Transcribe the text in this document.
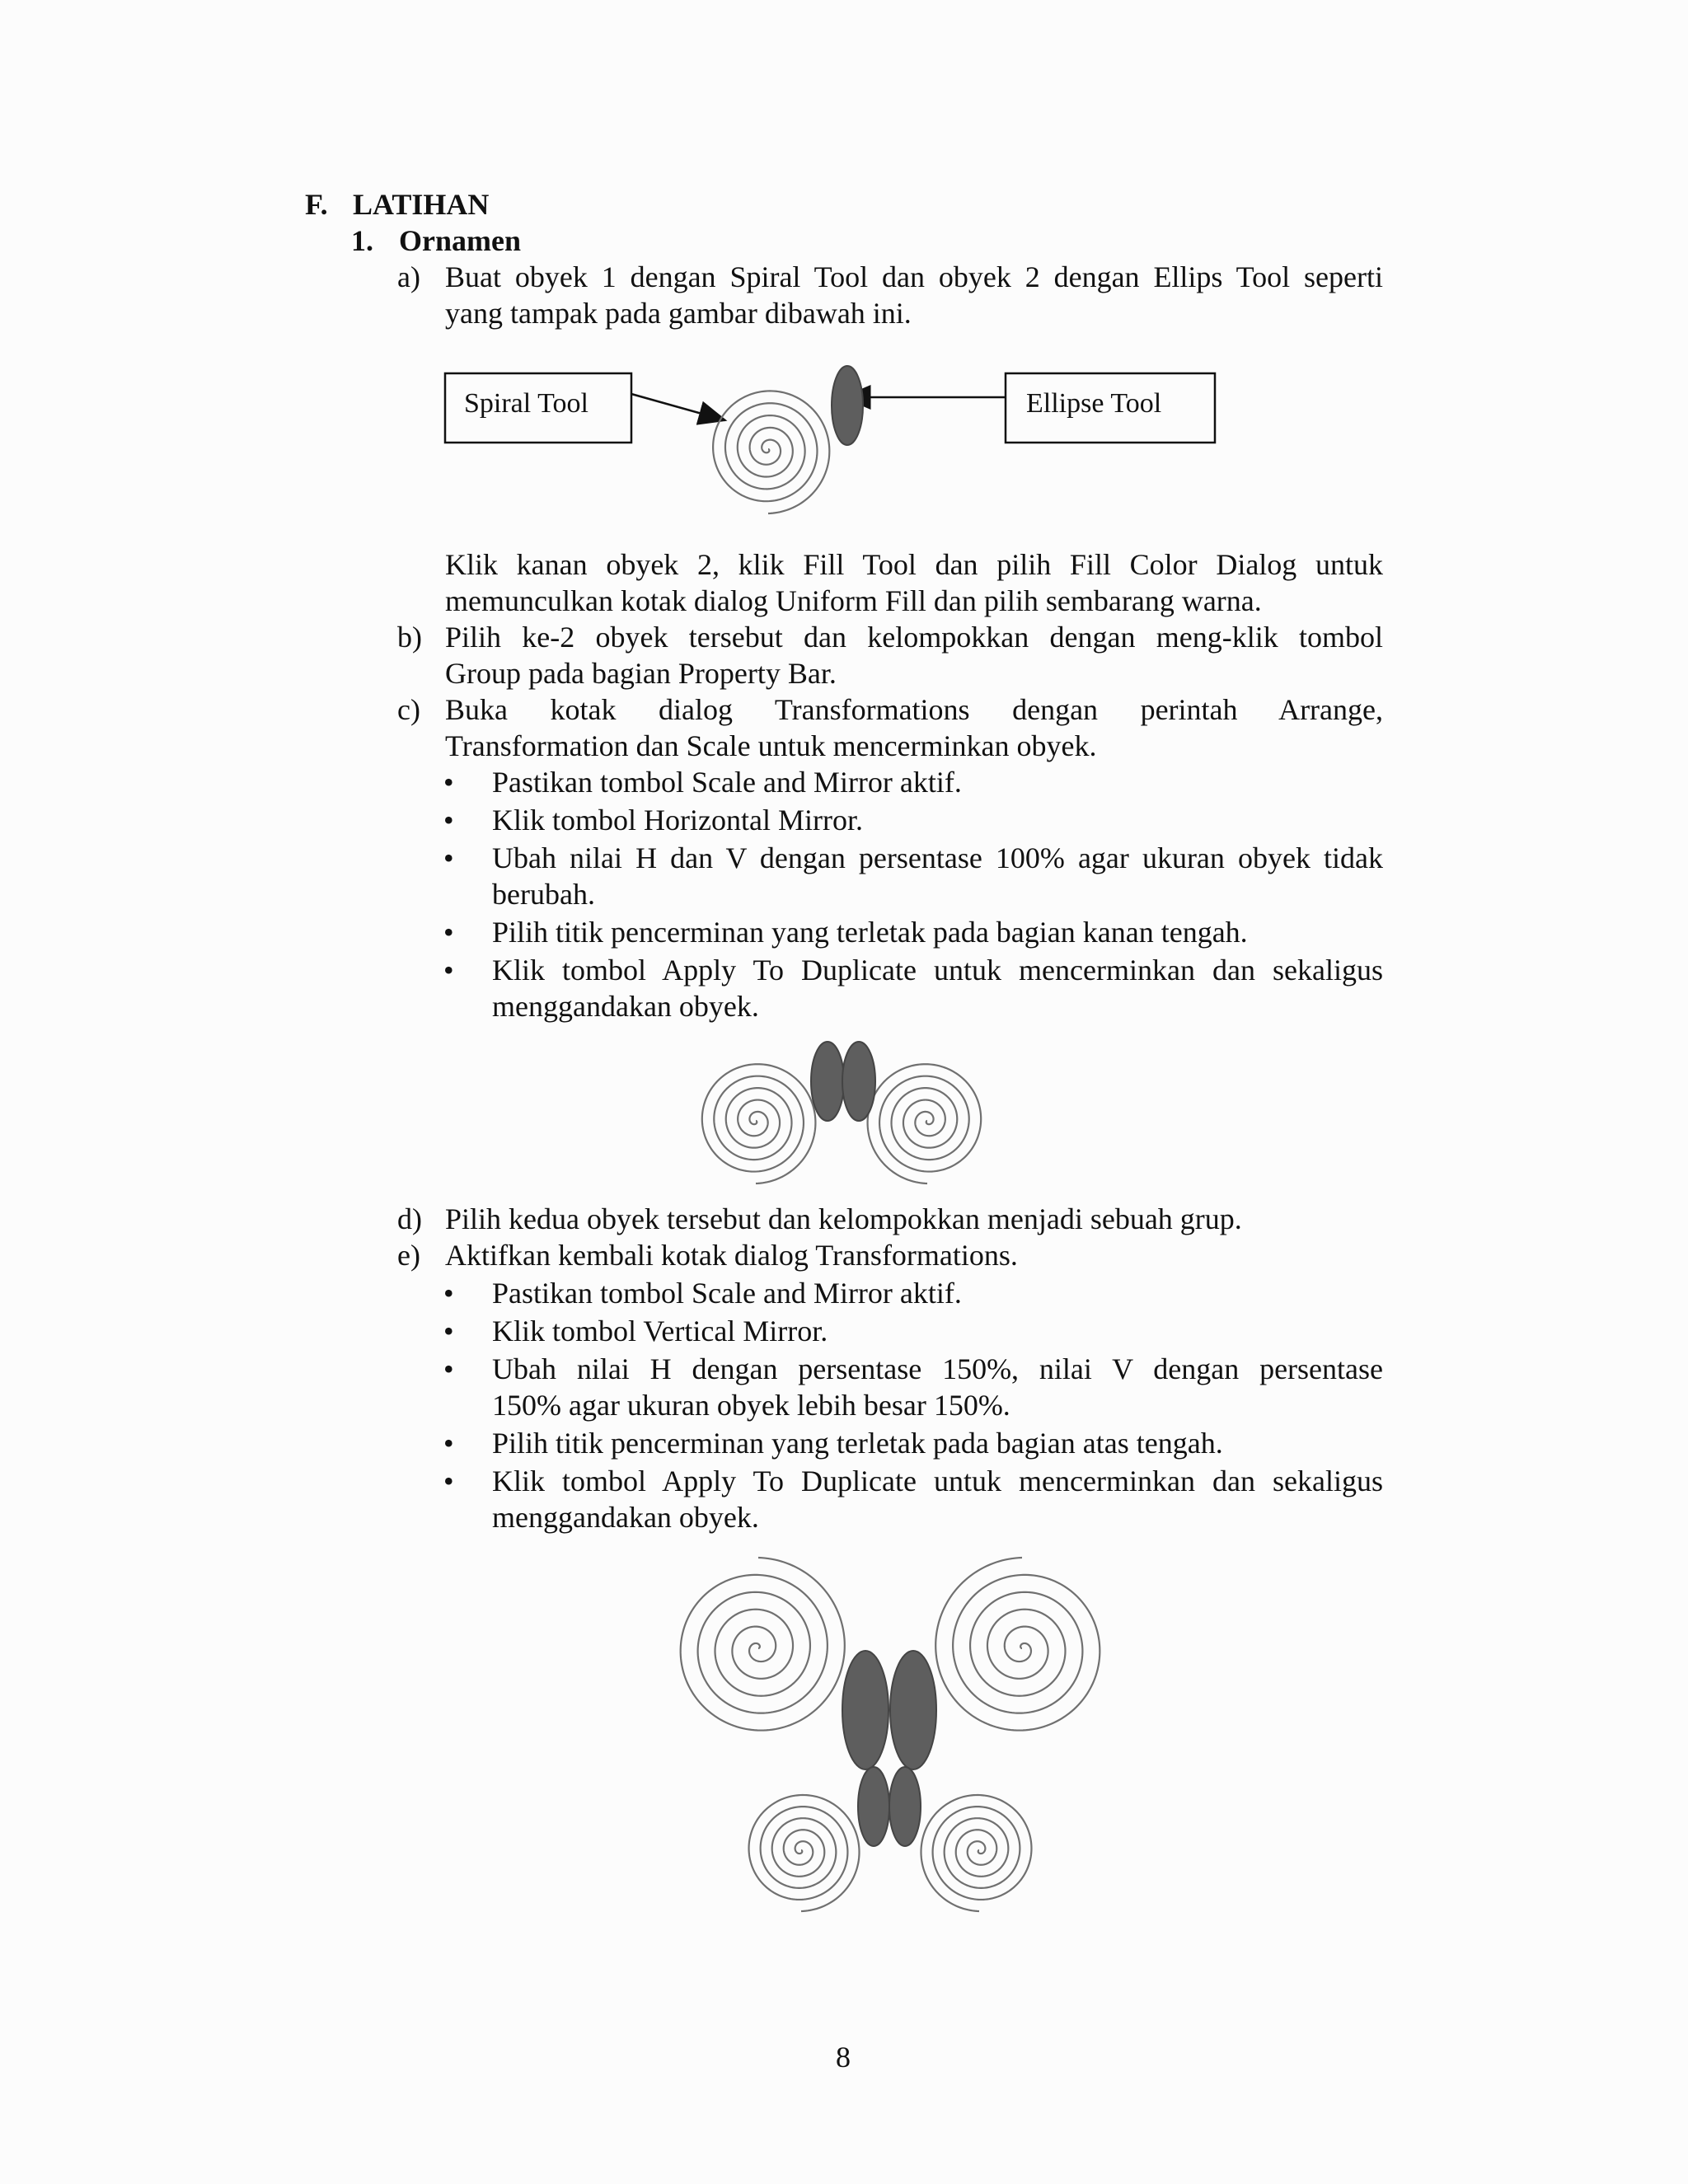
F. LATIHAN
1. Ornamen
a) Buat obyek 1 dengan Spiral Tool dan obyek 2 dengan Ellips Tool seperti
yang tampak pada gambar dibawah ini.
Spiral Tool	Ellipse Tool
Klik kanan obyek 2, klik Fill Tool dan pilih Fill Color Dialog untuk
memunculkan kotak dialog Uniform Fill dan pilih sembarang warna.
b) Pilih ke-2 obyek tersebut dan kelompokkan dengan meng-klik tombol
Group pada bagian Property Bar.
c) Buka kotak dialog Transformations dengan perintah Arrange,
Transformation dan Scale untuk mencerminkan obyek.
•	Pastikan tombol Scale and Mirror aktif.
•	Klik tombol Horizontal Mirror.
•	Ubah nilai H dan V dengan persentase 100% agar ukuran obyek tidak
berubah.
•	Pilih titik pencerminan yang terletak pada bagian kanan tengah.
•	Klik tombol Apply To Duplicate untuk mencerminkan dan sekaligus
menggandakan obyek.
d) Pilih kedua obyek tersebut dan kelompokkan menjadi sebuah grup.
e) Aktifkan kembali kotak dialog Transformations.
•	Pastikan tombol Scale and Mirror aktif.
•	Klik tombol Vertical Mirror.
•	Ubah nilai H dengan persentase 150%, nilai V dengan persentase
150% agar ukuran obyek lebih besar 150%.
•	Pilih titik pencerminan yang terletak pada bagian atas tengah.
•	Klik tombol Apply To Duplicate untuk mencerminkan dan sekaligus
menggandakan obyek.
8
